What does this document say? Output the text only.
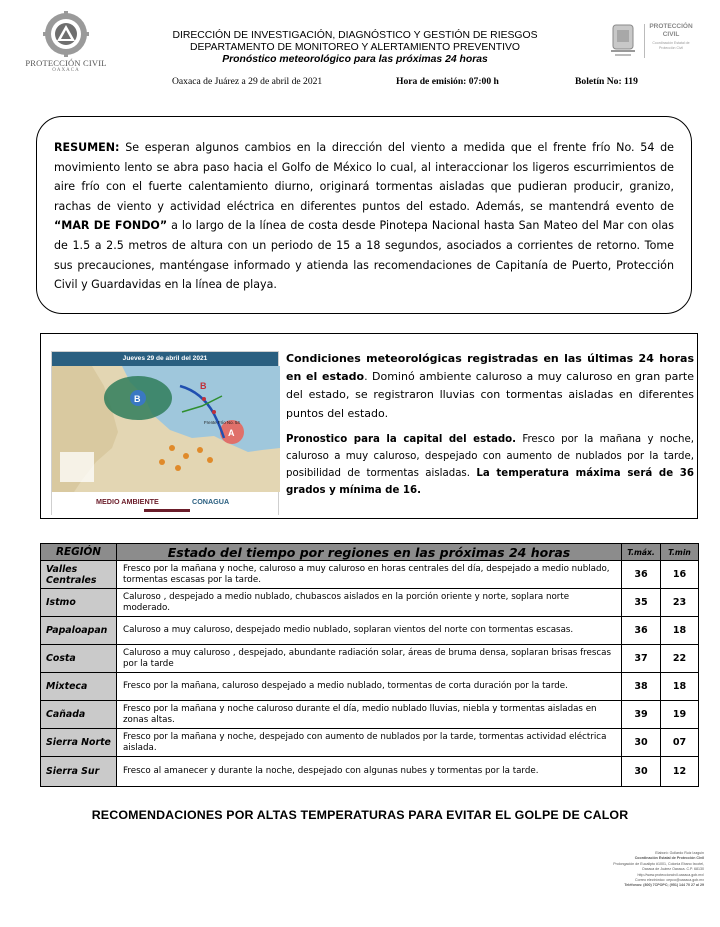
PROTECCIÓN CIVIL
OAXACA
DIRECCIÓN DE INVESTIGACIÓN, DIAGNÓSTICO Y GESTIÓN DE RIESGOS
DEPARTAMENTO DE MONITOREO Y ALERTAMIENTO PREVENTIVO
Pronóstico meteorológico para las próximas 24 horas
PROTECCIÓN
CIVIL
Coordinación Estatal de
Protección Civil
Oaxaca de Juárez a 29 de abril de 2021	Hora de emisión: 07:00 h	Boletín No: 119
RESUMEN: Se esperan algunos cambios en la dirección del viento a medida que el frente frío No. 54 de movimiento lento se abra paso hacia el Golfo de México lo cual, al interaccionar los ligeros escurrimientos de aire frío con el fuerte calentamiento diurno, originará tormentas aisladas que pudieran producir, granizo, rachas de viento y actividad eléctrica en diferentes puntos del estado. Además, se mantendrá evento de “MAR DE FONDO” a lo largo de la línea de costa desde Pinotepa Nacional hasta San Mateo del Mar con olas de 1.5 a 2.5 metros de altura con un periodo de 15 a 18 segundos, asociados a corrientes de retorno. Tome sus precauciones, manténgase informado y atienda las recomendaciones de Capitanía de Puerto, Protección Civil y Guardavidas en la línea de playa.
Jueves 29 de abril del 2021
B
A
B
Frente Frío No. 54
MEDIO AMBIENTE	CONAGUA
Condiciones meteorológicas registradas en las últimas 24 horas en el estado. Dominó ambiente caluroso a muy caluroso en gran parte del estado, se registraron lluvias con tormentas aisladas en diferentes puntos del estado.
Pronostico para la capital del estado. Fresco por la mañana y noche, caluroso a muy caluroso, despejado con aumento de nublados por la tarde, posibilidad de tormentas aisladas. La temperatura máxima será de 36 grados y mínima de 16.
REGIÓN	Estado del tiempo por regiones en las próximas 24 horas	T.máx.	T.min
Valles Centrales	Fresco por la mañana y noche, caluroso a muy caluroso en horas centrales del día, despejado a medio nublado, tormentas escasas por la tarde.	36	16
Istmo	Caluroso , despejado a medio nublado, chubascos aislados en la porción oriente y norte, soplara norte moderado.	35	23
Papaloapan	Caluroso a muy caluroso, despejado medio nublado, soplaran vientos del norte con tormentas escasas.	36	18
Costa	Caluroso a muy caluroso , despejado, abundante radiación solar, áreas de bruma densa, soplaran brisas frescas por la tarde	37	22
Mixteca	Fresco por la mañana, caluroso despejado a medio nublado, tormentas de corta duración por la tarde.	38	18
Cañada	Fresco por la mañana y noche caluroso durante el día, medio nublado lluvias, niebla y tormentas aisladas en zonas altas.	39	19
Sierra Norte	Fresco por la mañana y noche, despejado con aumento de nublados por la tarde, tormentas actividad eléctrica aislada.	30	07
Sierra Sur	Fresco al amanecer y durante la noche, despejado con algunas nubes y tormentas por la tarde.	30	12
RECOMENDACIONES POR ALTAS TEMPERATURAS PARA EVITAR EL GOLPE DE CALOR
Elaboró: Gollardo Ruiz Izaguin
Coordinación Estatal de Protección Civil
Prolongación de Eucalipto #1001, Colonia Ebano Ixcotel,
Oaxaca de Juárez Oaxaca. C.P. 68130
http://www.proteccioncivil.oaxaca.gob.mx/
Correo electrónico: cepco@oaxaca.gob.mx
Teléfonos: (800) 7CPOPC; (951) 144 70 27 al 29
